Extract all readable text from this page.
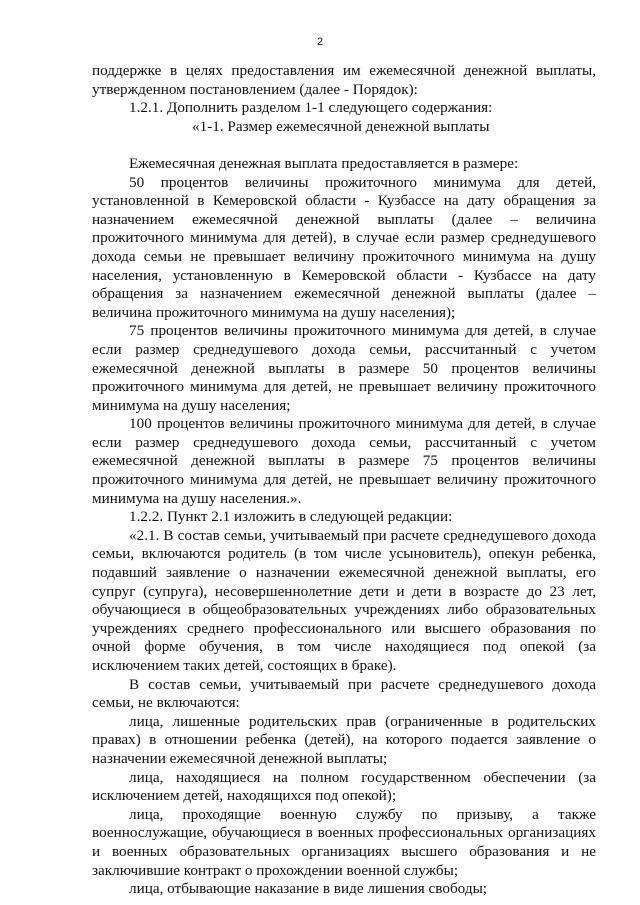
2

поддержке в целях предоставления им ежемесячной денежной выплаты, утвержденном постановлением (далее - Порядок):

1.2.1. Дополнить разделом 1-1 следующего содержания:

«1-1. Размер ежемесячной денежной выплаты

Ежемесячная денежная выплата предоставляется в размере:

50 процентов величины прожиточного минимума для детей, установленной в Кемеровской области - Кузбассе на дату обращения за назначением ежемесячной денежной выплаты (далее – величина прожиточного минимума для детей), в случае если размер среднедушевого дохода семьи не превышает величину прожиточного минимума на душу населения, установленную в Кемеровской области - Кузбассе на дату обращения за назначением ежемесячной денежной выплаты (далее – величина прожиточного минимума на душу населения);

75 процентов величины прожиточного минимума для детей, в случае если размер среднедушевого дохода семьи, рассчитанный с учетом ежемесячной денежной выплаты в размере 50 процентов величины прожиточного минимума для детей, не превышает величину прожиточного минимума на душу населения;

100 процентов величины прожиточного минимума для детей, в случае если размер среднедушевого дохода семьи, рассчитанный с учетом ежемесячной денежной выплаты в размере 75 процентов величины прожиточного минимума для детей, не превышает величину прожиточного минимума на душу населения.».

1.2.2. Пункт 2.1 изложить в следующей редакции:

«2.1. В состав семьи, учитываемый при расчете среднедушевого дохода семьи, включаются родитель (в том числе усыновитель), опекун ребенка, подавший заявление о назначении ежемесячной денежной выплаты, его супруг (супруга), несовершеннолетние дети и дети в возрасте до 23 лет, обучающиеся в общеобразовательных учреждениях либо образовательных учреждениях среднего профессионального или высшего образования по очной форме обучения, в том числе находящиеся под опекой (за исключением таких детей, состоящих в браке).

В состав семьи, учитываемый при расчете среднедушевого дохода семьи, не включаются:

лица, лишенные родительских прав (ограниченные в родительских правах) в отношении ребенка (детей), на которого подается заявление о назначении ежемесячной денежной выплаты;

лица, находящиеся на полном государственном обеспечении (за исключением детей, находящихся под опекой);

лица, проходящие военную службу по призыву, а также военнослужащие, обучающиеся в военных профессиональных организациях и военных образовательных организациях высшего образования и не заключившие контракт о прохождении военной службы;

лица, отбывающие наказание в виде лишения свободы;
